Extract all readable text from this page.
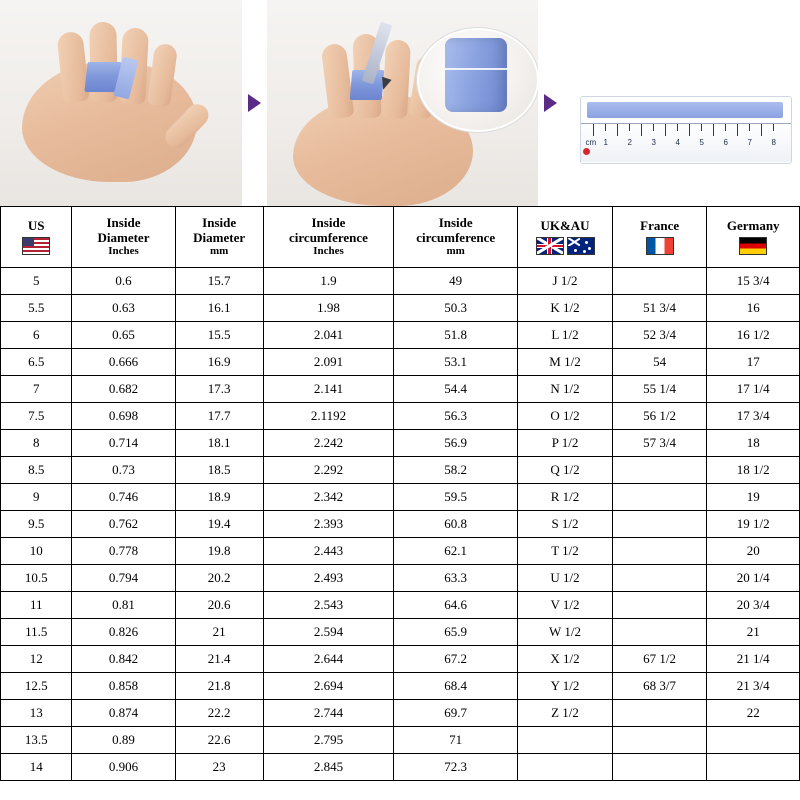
cm 1 2 3 4 5 6 7 8
US	Inside
Diameter
Inches	Inside
Diameter
mm	Inside
circumference
Inches	Inside
circumference
mm	UK&AU	France	Germany

5	0.6	15.7	1.9	49	J 1/2		15 3/4
5.5	0.63	16.1	1.98	50.3	K 1/2	51 3/4	16
6	0.65	15.5	2.041	51.8	L 1/2	52 3/4	16 1/2
6.5	0.666	16.9	2.091	53.1	M 1/2	54	17
7	0.682	17.3	2.141	54.4	N 1/2	55 1/4	17 1/4
7.5	0.698	17.7	2.1192	56.3	O 1/2	56 1/2	17 3/4
8	0.714	18.1	2.242	56.9	P 1/2	57 3/4	18
8.5	0.73	18.5	2.292	58.2	Q 1/2		18 1/2
9	0.746	18.9	2.342	59.5	R 1/2		19
9.5	0.762	19.4	2.393	60.8	S 1/2		19 1/2
10	0.778	19.8	2.443	62.1	T 1/2		20
10.5	0.794	20.2	2.493	63.3	U 1/2		20 1/4
11	0.81	20.6	2.543	64.6	V 1/2		20 3/4
11.5	0.826	21	2.594	65.9	W 1/2		21
12	0.842	21.4	2.644	67.2	X 1/2	67 1/2	21 1/4
12.5	0.858	21.8	2.694	68.4	Y 1/2	68 3/7	21 3/4
13	0.874	22.2	2.744	69.7	Z 1/2		22
13.5	0.89	22.6	2.795	71			
14	0.906	23	2.845	72.3			
